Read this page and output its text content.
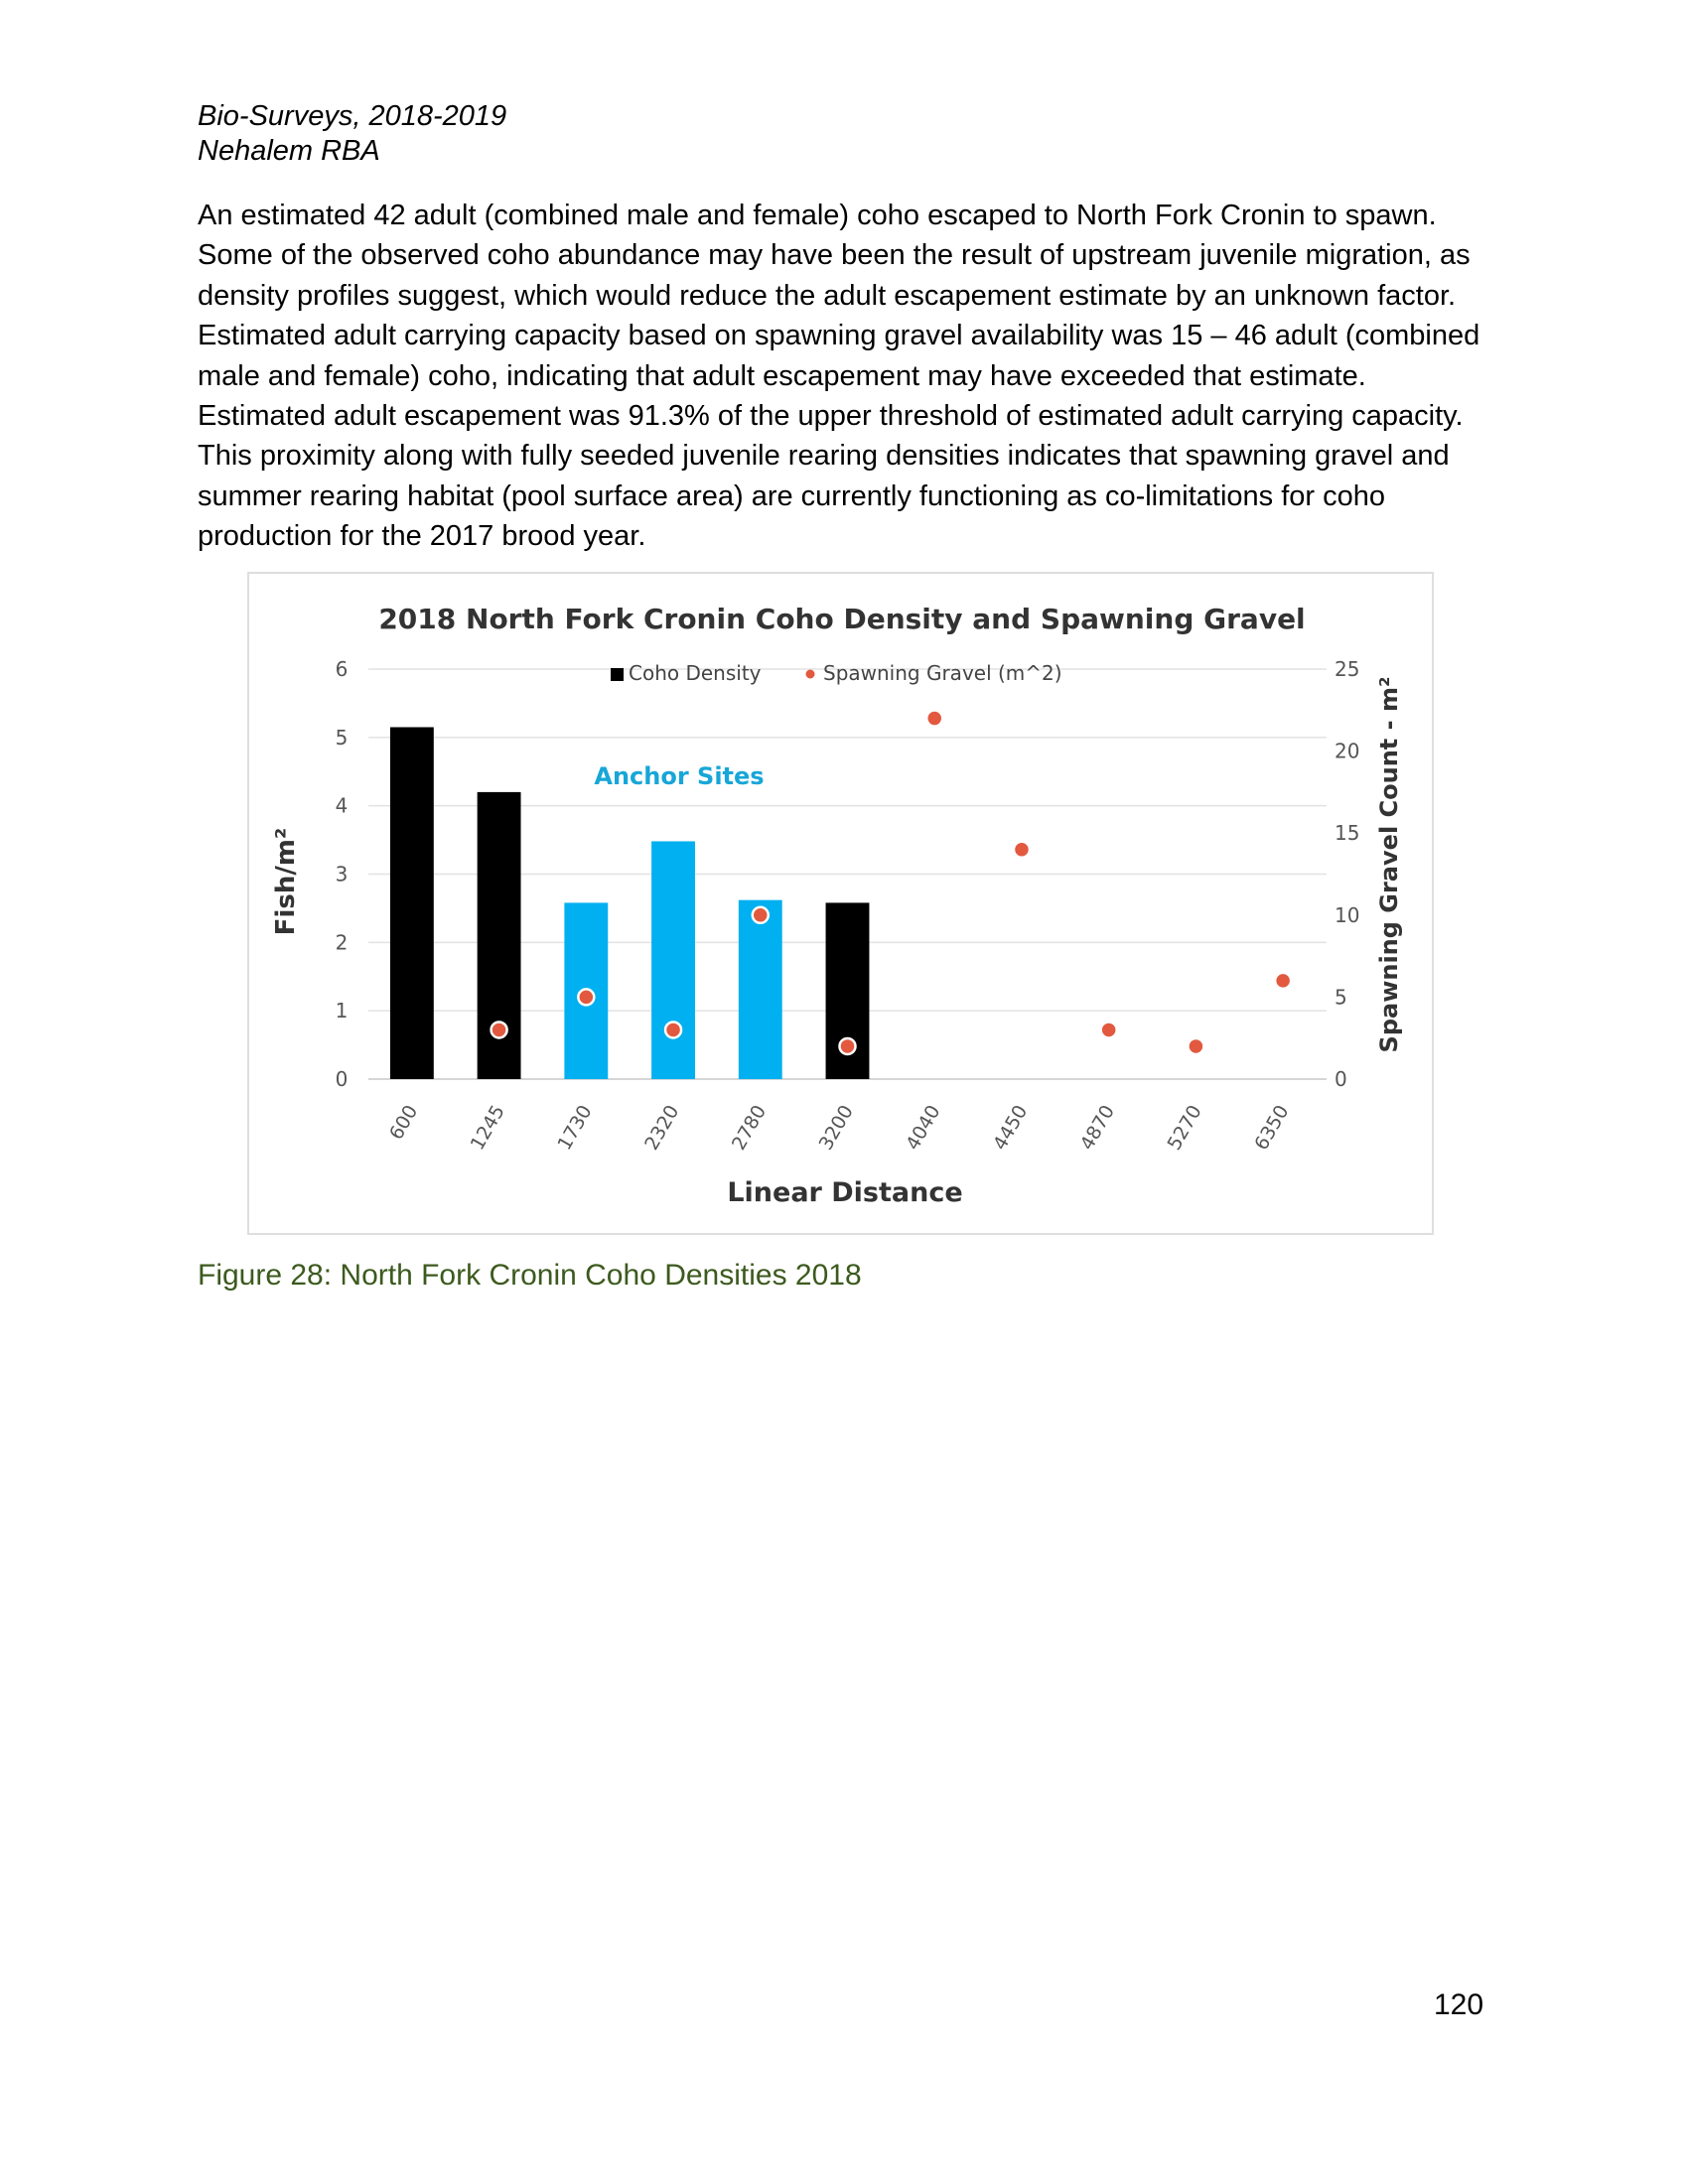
Bio-Surveys, 2018-2019
Nehalem RBA
An estimated 42 adult (combined male and female) coho escaped to North Fork Cronin to spawn. Some of the observed coho abundance may have been the result of upstream juvenile migration, as density profiles suggest, which would reduce the adult escapement estimate by an unknown factor. Estimated adult carrying capacity based on spawning gravel availability was 15 – 46 adult (combined male and female) coho, indicating that adult escapement may have exceeded that estimate. Estimated adult escapement was 91.3% of the upper threshold of estimated adult carrying capacity. This proximity along with fully seeded juvenile rearing densities indicates that spawning gravel and summer rearing habitat (pool surface area) are currently functioning as co-limitations for coho production for the 2017 brood year.
0
1
2
3
4
5
6
0
5
10
15
20
25
600 1245 1730 2320 2780 3200 4040 4450 4870 5270 6350
2018 North Fork Cronin Coho Density and Spawning Gravel
Coho Density	Spawning Gravel (m^2)
Anchor Sites
Linear Distance
Fish/m²	Spawning Gravel Count - m²
Figure 28: North Fork Cronin Coho Densities 2018
120
